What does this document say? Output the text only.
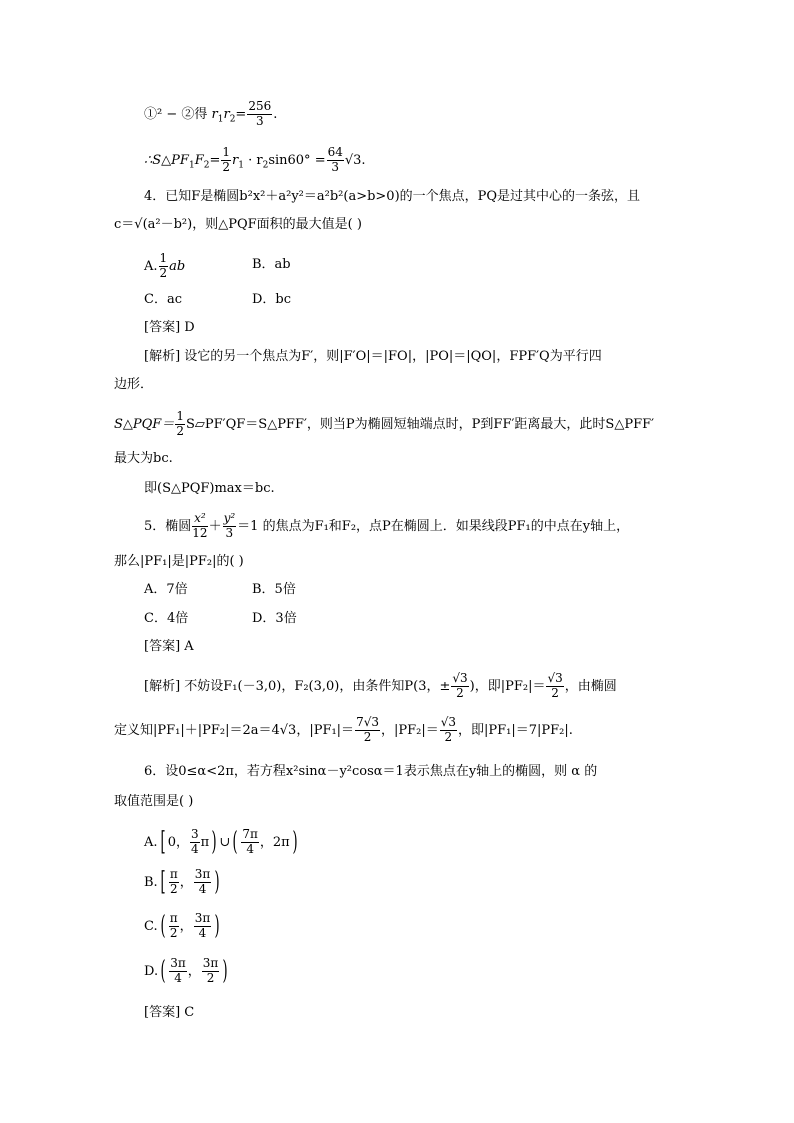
①² − ②得 $r_1r_2= \frac{256}{3}$ .
$\therefore S\triangle PF_1F_2= \frac{1}{2} r_1 \cdot r_2\sin 60^\circ = \frac{64}{3} √3$.
4．已知F是椭圆b²x²＋a²y²＝a²b²(a>b>0)的一个焦点，PQ是过其中心的一条弦，且
c＝√(a²－b²)，则△PQF面积的最大值是( )
A. $\frac{1}{2}$ ab	B．ab
C．ac	D．bc
[答案] D
[解析] 设它的另一个焦点为F′，则|F′O|＝|FO|，|PO|＝|QO|，FPF′Q为平行四
边形．
S△PQF＝ $\frac{1}{2}$ S▱PF′QF＝S△PFF′，则当P为椭圆短轴端点时，P到FF′距离最大，此时S△PFF′
最大为bc.
即(S△PQF)max＝bc.
5．椭圆 $\frac{\text{x²}}{12} + \frac{\text{y²}}{3} =1$ 的焦点为F₁和F₂，点P在椭圆上．如果线段PF₁的中点在y轴上，
那么|PF₁|是|PF₂|的( )
A．7倍	B．5倍
C．4倍	D．3倍
[答案] A
[解析] 不妨设F₁(－3,0)，F₂(3,0)，由条件知P(3，± $\frac{√3}{2}$ )，即$|PF_2|= \frac{√3}{2}$ ，由椭圆
定义知|PF₁|＋|PF₂|＝2a＝4√3，$|PF_1|= \frac{7√3}{2}$ ，$|PF_2|= \frac{√3}{2}$ ，即|PF₁|＝7|PF₂|.
6．设0≤α<2π，若方程x²sinα－y²cosα＝1表示焦点在y轴上的椭圆，则 α 的
取值范围是( )
A.[ 0， $\frac{3}{4} \pi$) ∪( $\frac{7\pi}{4}$ ，2π)
$B.[ \frac{\pi}{2}$ ， $\frac{3\pi}{4}$ )
$C.( \frac{\pi}{2}$ ， $\frac{3\pi}{4}$ )
$D.( \frac{3\pi}{4}$ ， $\frac{3\pi}{2}$ )
[答案] C
